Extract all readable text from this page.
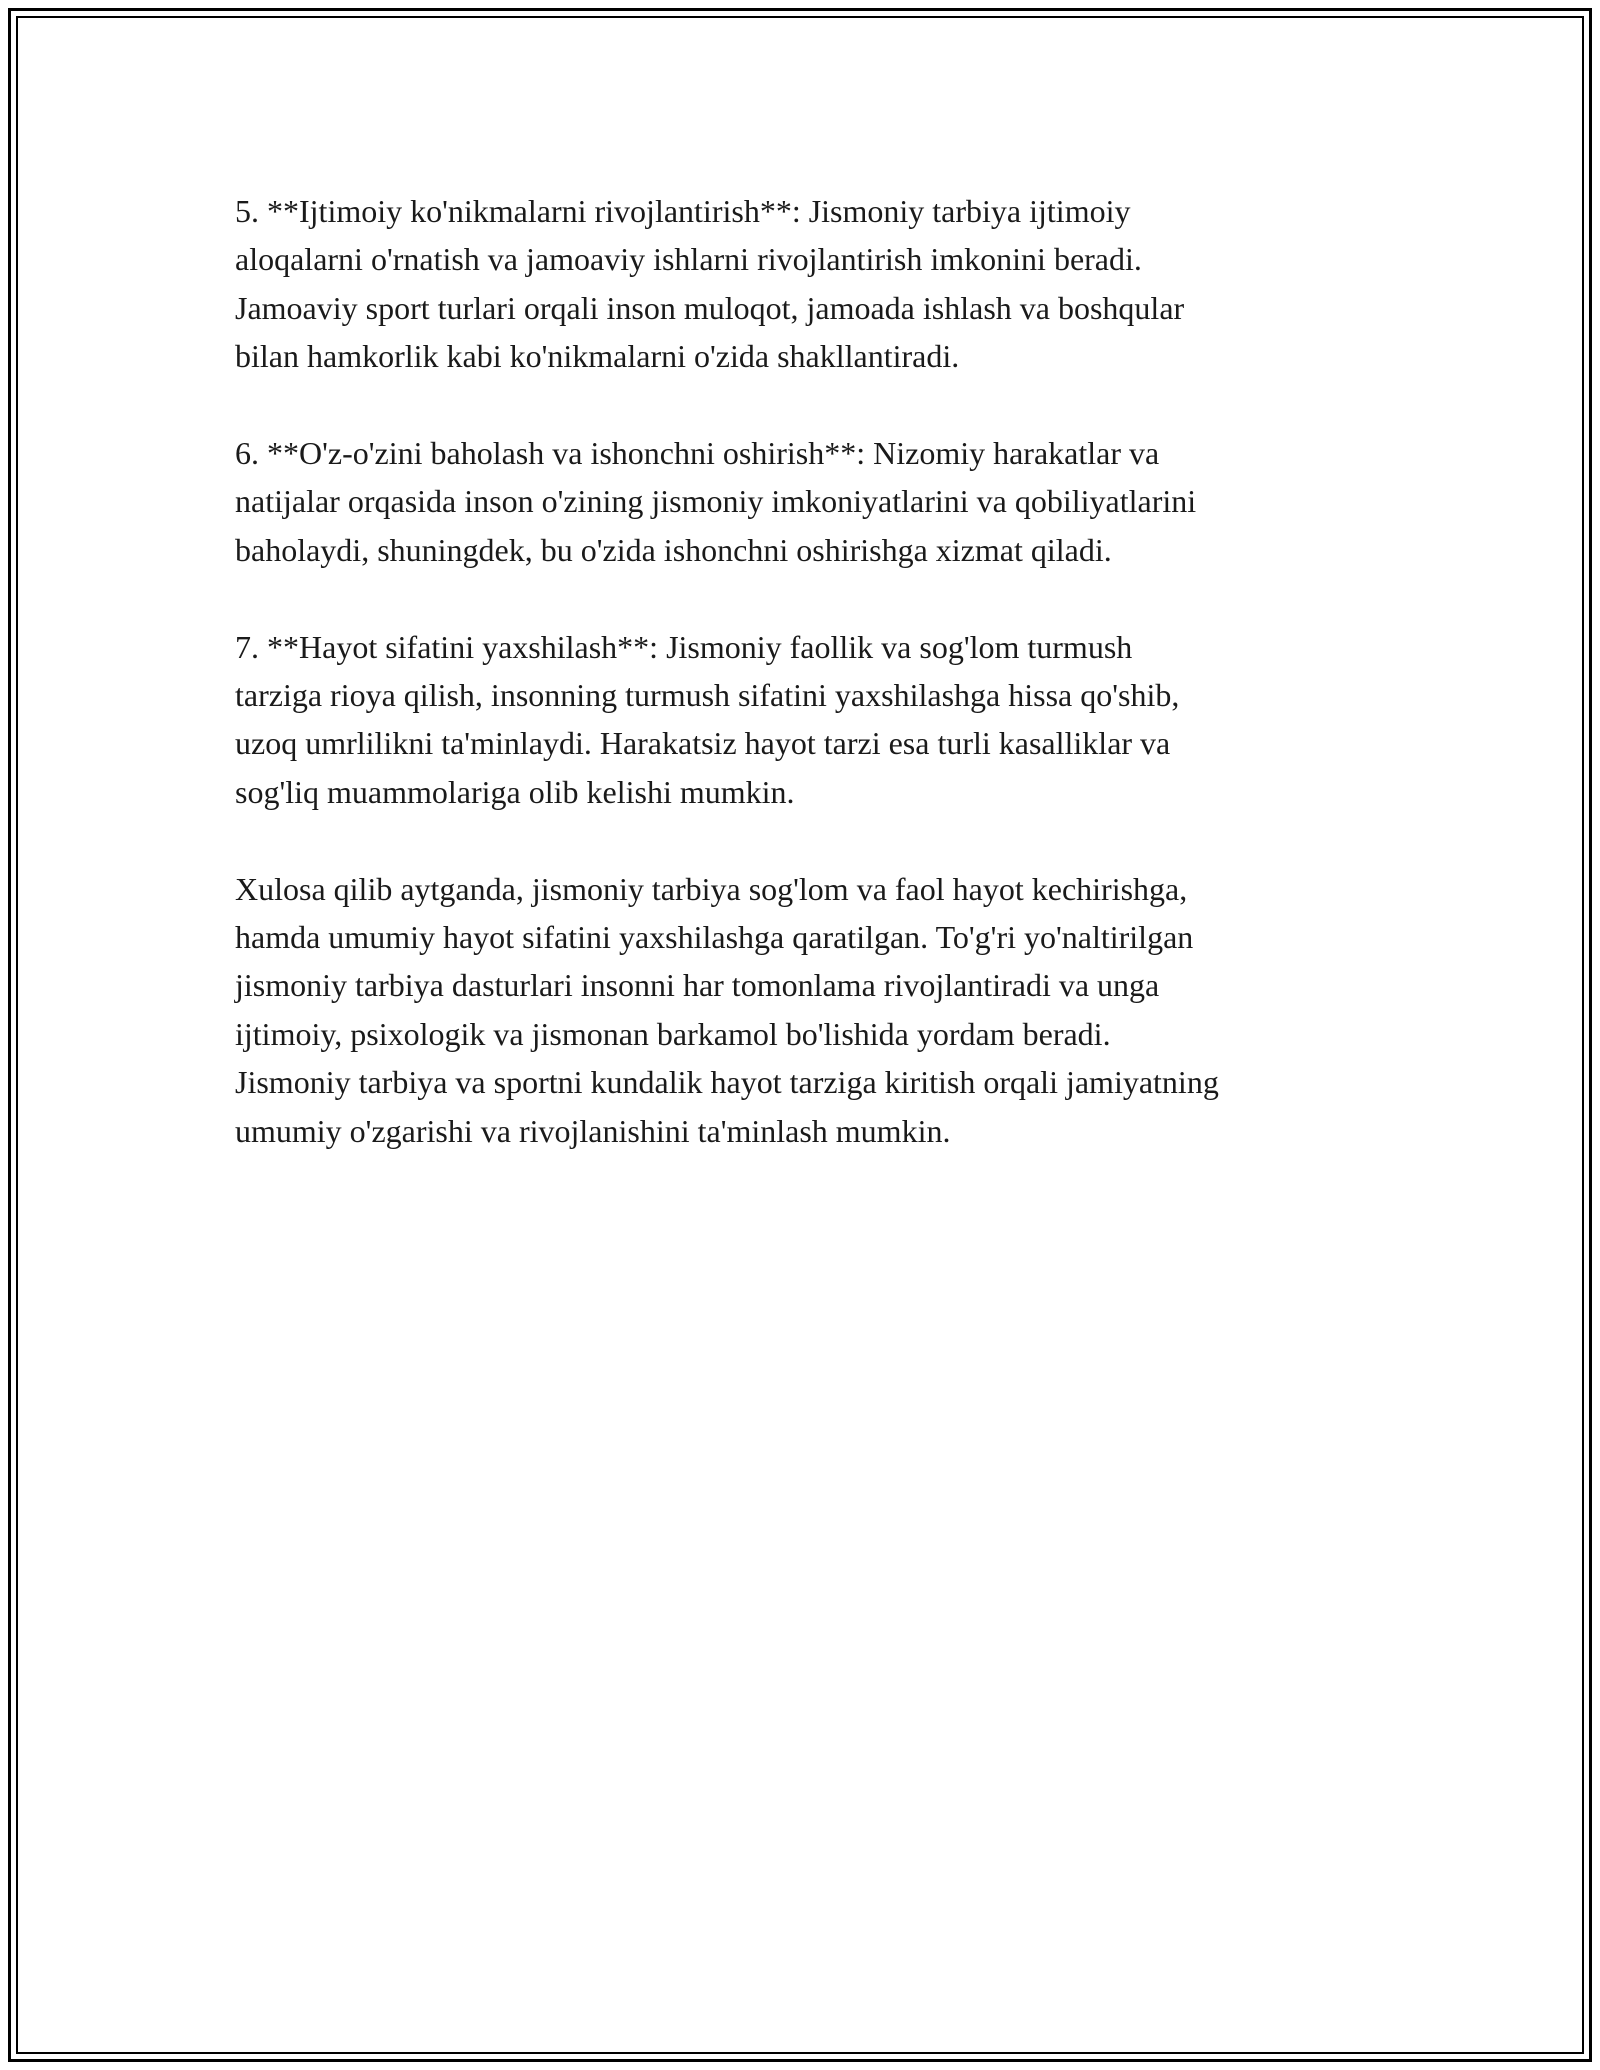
5. **Ijtimoiy ko'nikmalarni rivojlantirish**: Jismoniy tarbiya ijtimoiy
aloqalarni o'rnatish va jamoaviy ishlarni rivojlantirish imkonini beradi.
Jamoaviy sport turlari orqali inson muloqot, jamoada ishlash va boshqular
bilan hamkorlik kabi ko'nikmalarni o'zida shakllantiradi.

6. **O'z-o'zini baholash va ishonchni oshirish**: Nizomiy harakatlar va
natijalar orqasida inson o'zining jismoniy imkoniyatlarini va qobiliyatlarini
baholaydi, shuningdek, bu o'zida ishonchni oshirishga xizmat qiladi.

7. **Hayot sifatini yaxshilash**: Jismoniy faollik va sog'lom turmush
tarziga rioya qilish, insonning turmush sifatini yaxshilashga hissa qo'shib,
uzoq umrlilikni ta'minlaydi. Harakatsiz hayot tarzi esa turli kasalliklar va
sog'liq muammolariga olib kelishi mumkin.

Xulosa qilib aytganda, jismoniy tarbiya sog'lom va faol hayot kechirishga,
hamda umumiy hayot sifatini yaxshilashga qaratilgan. To'g'ri yo'naltirilgan
jismoniy tarbiya dasturlari insonni har tomonlama rivojlantiradi va unga
ijtimoiy, psixologik va jismonan barkamol bo'lishida yordam beradi.
Jismoniy tarbiya va sportni kundalik hayot tarziga kiritish orqali jamiyatning
umumiy o'zgarishi va rivojlanishini ta'minlash mumkin.
